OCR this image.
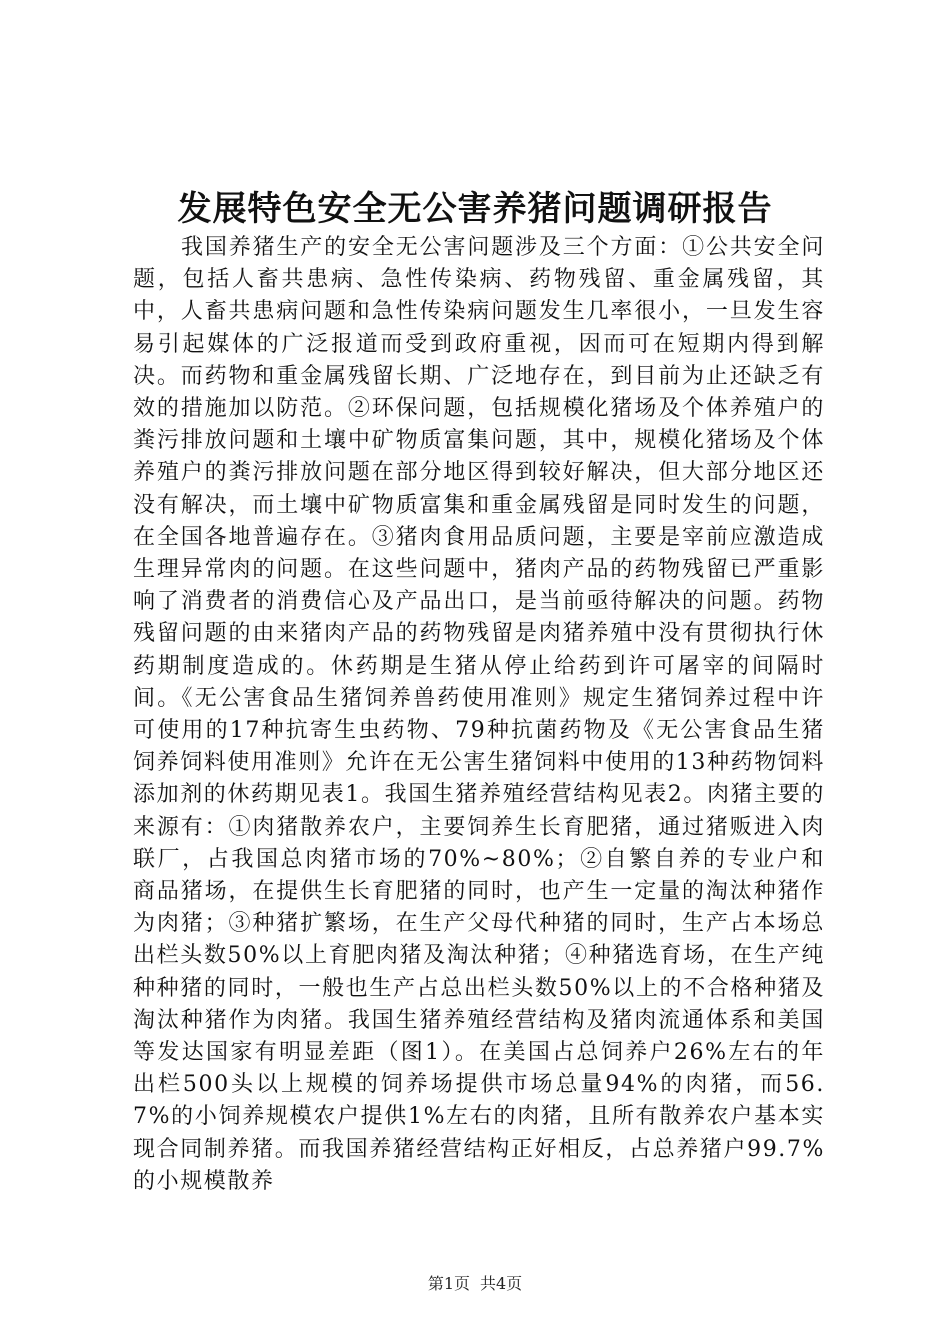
发展特色安全无公害养猪问题调研报告

我国养猪生产的安全无公害问题涉及三个方面：①公共安全问题，包括人畜共患病、急性传染病、药物残留、重金属残留，其中，人畜共患病问题和急性传染病问题发生几率很小，一旦发生容易引起媒体的广泛报道而受到政府重视，因而可在短期内得到解决。而药物和重金属残留长期、广泛地存在，到目前为止还缺乏有效的措施加以防范。②环保问题，包括规模化猪场及个体养殖户的粪污排放问题和土壤中矿物质富集问题，其中，规模化猪场及个体养殖户的粪污排放问题在部分地区得到较好解决，但大部分地区还没有解决，而土壤中矿物质富集和重金属残留是同时发生的问题，在全国各地普遍存在。③猪肉食用品质问题，主要是宰前应激造成生理异常肉的问题。在这些问题中，猪肉产品的药物残留已严重影响了消费者的消费信心及产品出口，是当前亟待解决的问题。药物残留问题的由来猪肉产品的药物残留是肉猪养殖中没有贯彻执行休药期制度造成的。休药期是生猪从停止给药到许可屠宰的间隔时间。《无公害食品生猪饲养兽药使用准则》规定生猪饲养过程中许可使用的17种抗寄生虫药物、79种抗菌药物及《无公害食品生猪饲养饲料使用准则》允许在无公害生猪饲料中使用的13种药物饲料添加剂的休药期见表1。我国生猪养殖经营结构见表2。肉猪主要的来源有：①肉猪散养农户，主要饲养生长育肥猪，通过猪贩进入肉联厂，占我国总肉猪市场的70%~80%；②自繁自养的专业户和商品猪场，在提供生长育肥猪的同时，也产生一定量的淘汰种猪作为肉猪；③种猪扩繁场，在生产父母代种猪的同时，生产占本场总出栏头数50%以上育肥肉猪及淘汰种猪；④种猪选育场，在生产纯种种猪的同时，一般也生产占总出栏头数50%以上的不合格种猪及淘汰种猪作为肉猪。我国生猪养殖经营结构及猪肉流通体系和美国等发达国家有明显差距（图1）。在美国占总饲养户26%左右的年出栏500头以上规模的饲养场提供市场总量94%的肉猪，而56.7%的小饲养规模农户提供1%左右的肉猪，且所有散养农户基本实现合同制养猪。而我国养猪经营结构正好相反，占总养猪户99.7%的小规模散养

第1页 共4页
